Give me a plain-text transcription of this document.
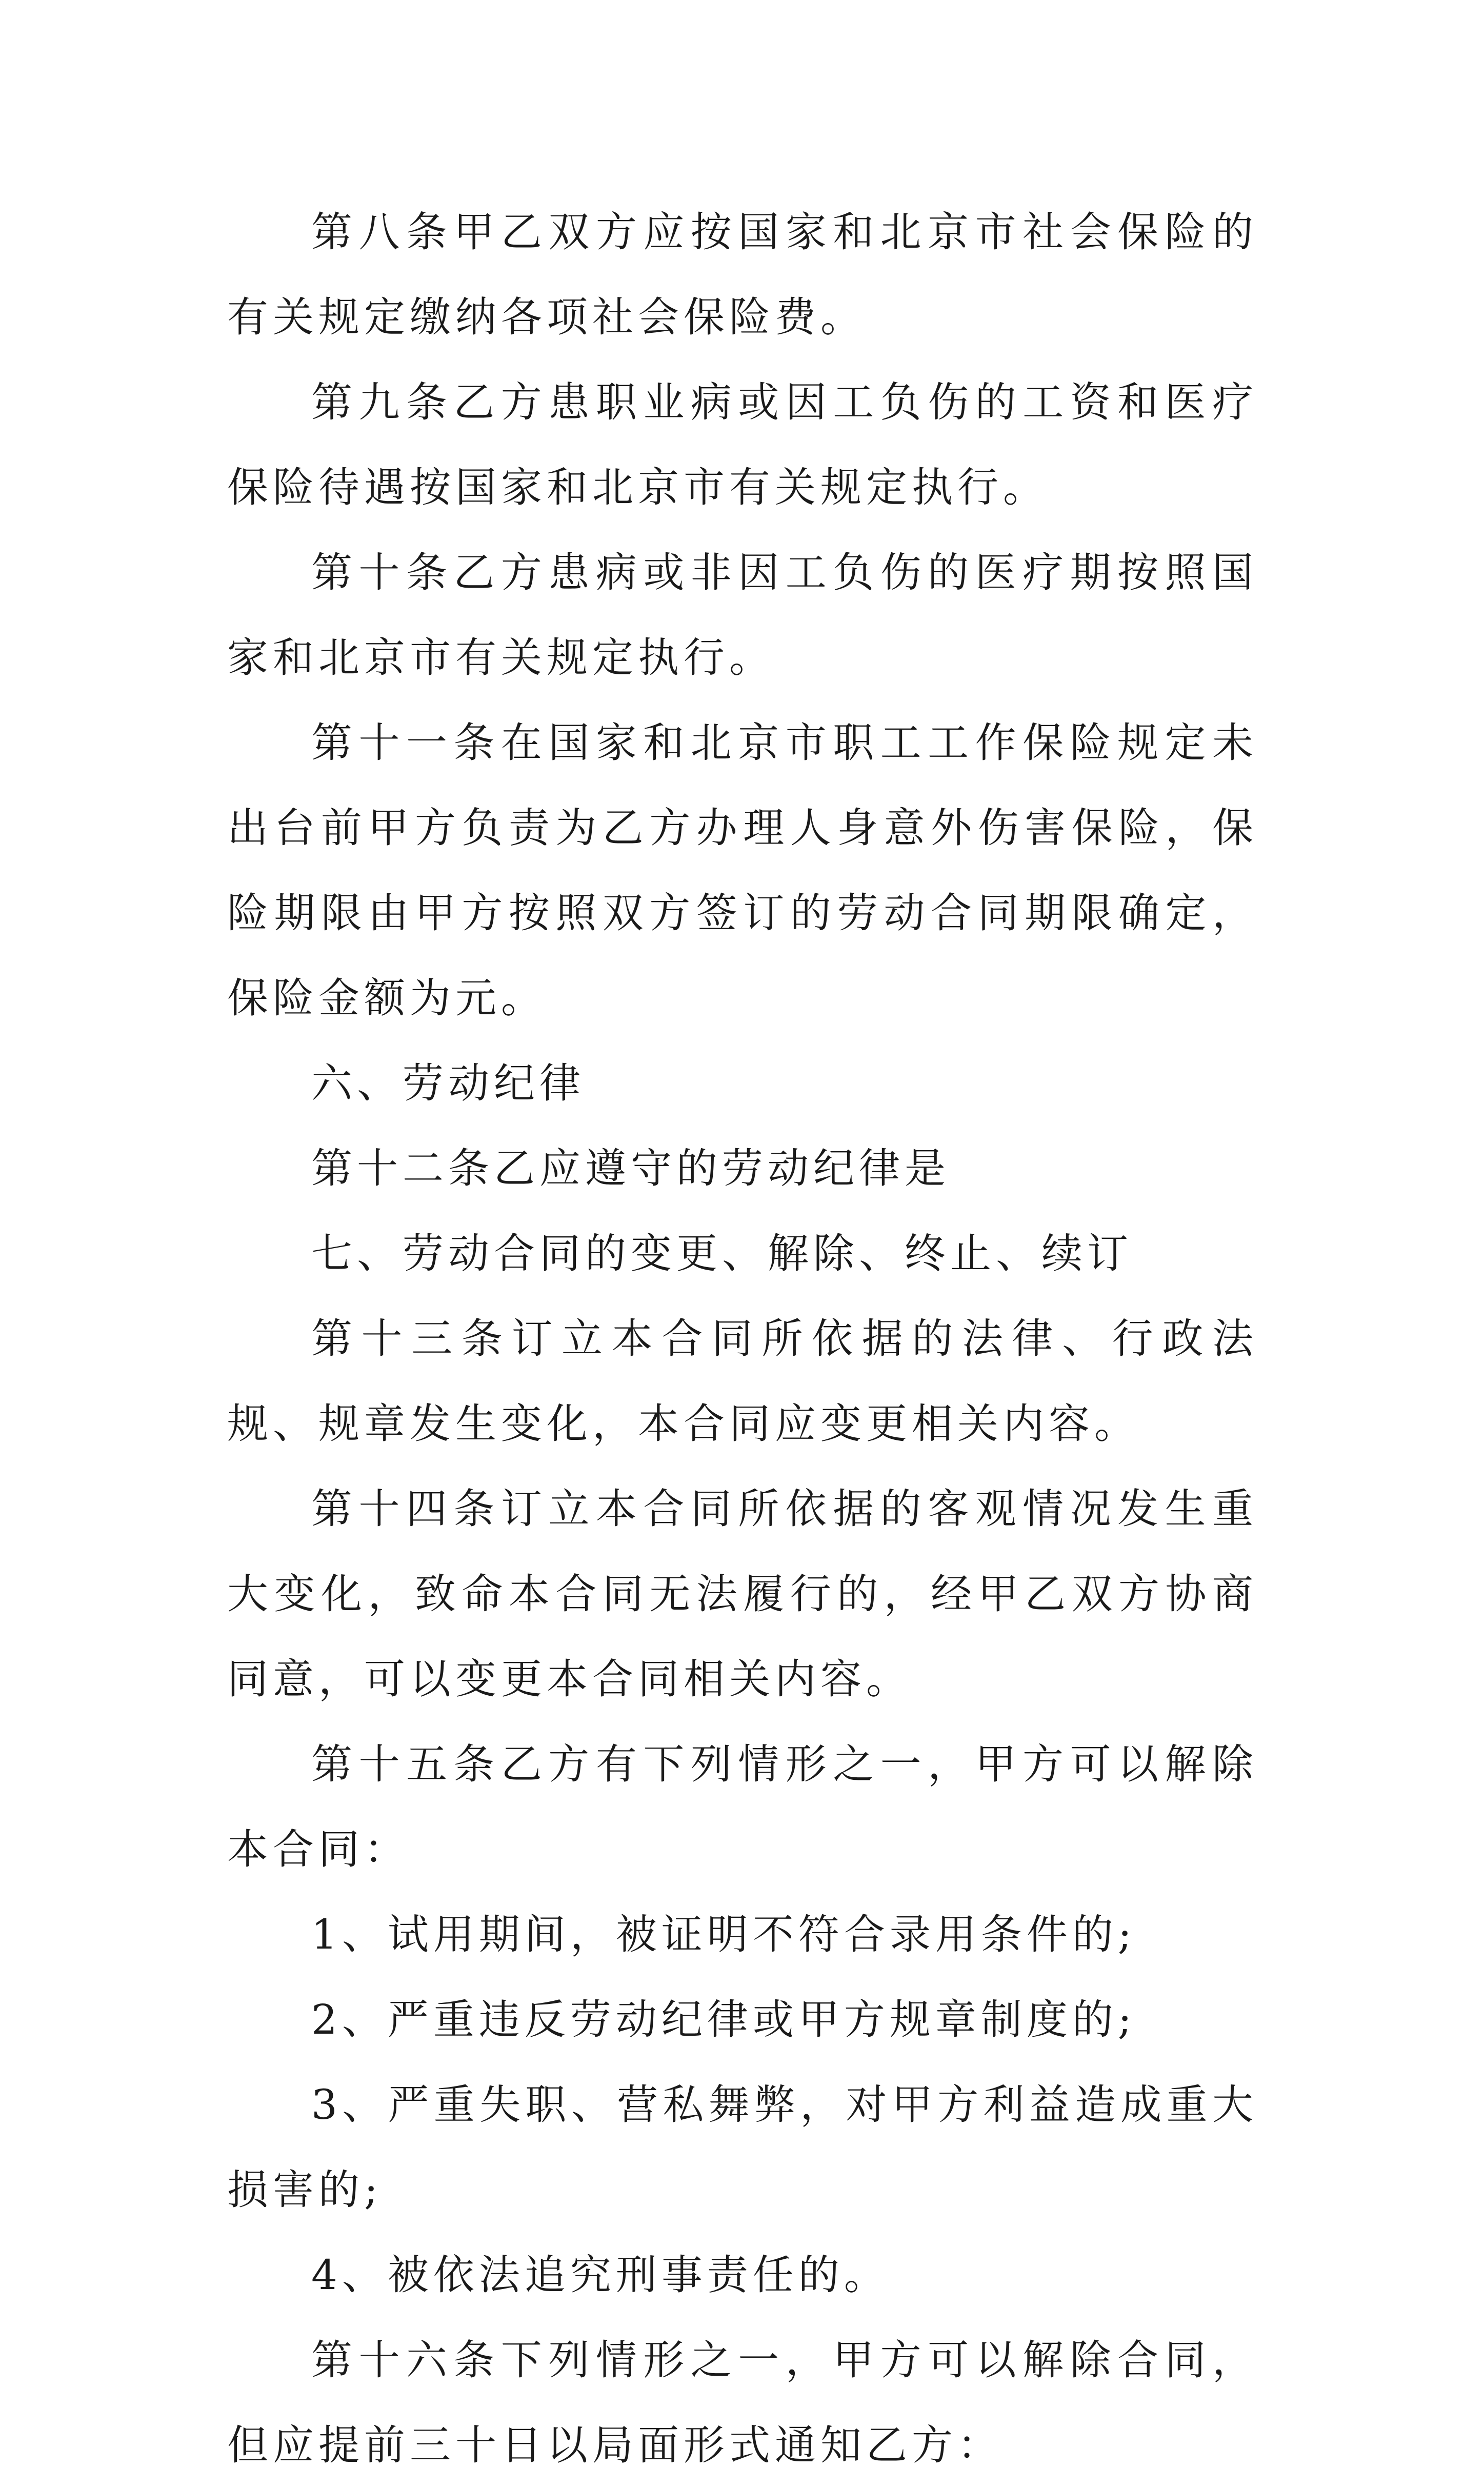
第八条甲乙双方应按国家和北京市社会保险的有关规定缴纳各项社会保险费。

第九条乙方患职业病或因工负伤的工资和医疗保险待遇按国家和北京市有关规定执行。

第十条乙方患病或非因工负伤的医疗期按照国家和北京市有关规定执行。

第十一条在国家和北京市职工工作保险规定未出台前甲方负责为乙方办理人身意外伤害保险，保险期限由甲方按照双方签订的劳动合同期限确定，保险金额为元。

六、劳动纪律

第十二条乙应遵守的劳动纪律是

七、劳动合同的变更、解除、终止、续订

第十三条订立本合同所依据的法律、行政法规、规章发生变化，本合同应变更相关内容。

第十四条订立本合同所依据的客观情况发生重大变化，致命本合同无法履行的，经甲乙双方协商同意，可以变更本合同相关内容。

第十五条乙方有下列情形之一，甲方可以解除本合同：

1、试用期间，被证明不符合录用条件的;

2、严重违反劳动纪律或甲方规章制度的;

3、严重失职、营私舞弊，对甲方利益造成重大损害的;

4、被依法追究刑事责任的。

第十六条下列情形之一，甲方可以解除合同，但应提前三十日以局面形式通知乙方：
